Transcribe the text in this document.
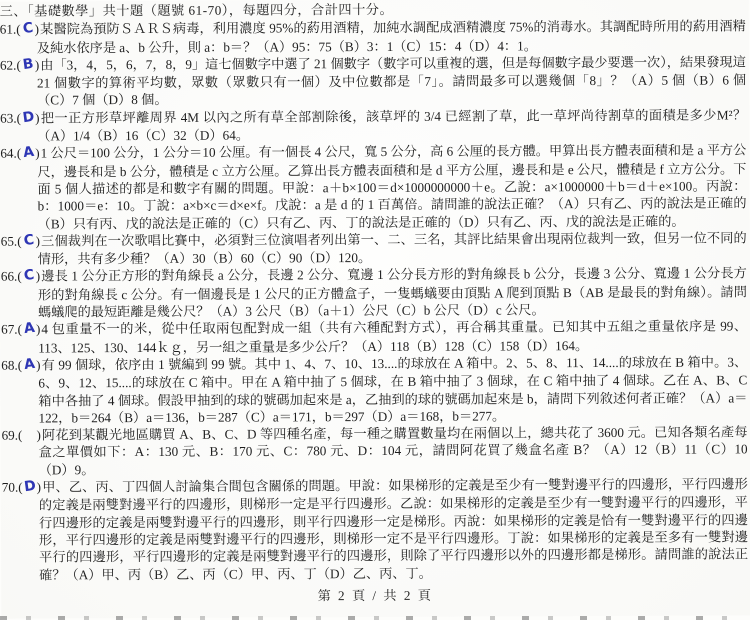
三、「基礎數學」共十題（題號 61-70），每題四分，合計四十分。
61.(C)某醫院為預防ＳＡＲＳ病毒，利用濃度 95%的葯用酒精，加純水調配成酒精濃度 75%的消毒水。其調配時所用的葯用酒精及純水依序是 a、b 公升，則 a：b＝？（A）95：75（B）3：1（C）15：4（D）4：1。
62.(B)由「3，4，5，6，7，8，9」這七個數字中選了 21 個數字（數字可以重複的選，但是每個數字最少要選一次），結果發現這 21 個數字的算術平均數，眾數（眾數只有一個）及中位數都是「7」。請問最多可以選幾個「8」？（A）5 個（B）6 個（C）7 個（D）8 個。
63.(D)把一正方形草坪離周界 4M 以內之所有草全部割除後，該草坪的 3/4 已經割了草，此一草坪尚待割草的面積是多少M²？（A）1/4（B）16（C）32（D）64。
64.(A)1 公尺＝100 公分，1 公分＝10 公厘。有一個長 4 公尺，寬 5 公分，高 6 公厘的長方體。甲算出長方體表面積和是 a 平方公尺，邊長和是 b 公分，體積是 c 立方公厘。乙算出長方體表面積和是 d 平方公厘，邊長和是 e 公尺，體積是 f 立方公分。下面 5 個人描述的都是和數字有關的問題。甲說：a＋b×100＝d×1000000000＋e。乙說：a×1000000＋b＝d＋e×100。丙說：b：1000＝e：10。丁說：a×b×c＝d×e×f。戊說：a 是 d 的 1 百萬倍。請問誰的說法正確？（A）只有乙、丙的說法是正確的（B）只有丙、戊的說法是正確的（C）只有乙、丙、丁的說法是正確的（D）只有乙、丙、戊的說法是正確的。
65.(C)三個裁判在一次歌唱比賽中，必須對三位演唱者列出第一、二、三名，其評比結果會出現兩位裁判一致，但另一位不同的情形，共有多少種？（A）30（B）60（C）90（D）120。
66.(C)邊長 1 公分正方形的對角線長 a 公分，長邊 2 公分、寬邊 1 公分長方形的對角線長 b 公分，長邊 3 公分、寬邊 1 公分長方形的對角線長 c 公分。有一個邊長是 1 公尺的正方體盒子，一隻螞蟻要由頂點 A 爬到頂點 B（AB 是最長的對角線）。請問螞蟻爬的最短距離是幾公尺？（A）3 公尺（B）（a＋1）公尺（C）b 公尺（D）c 公尺。
67.(A)4 包重量不一的米，從中任取兩包配對成一組（共有六種配對方式），再合稱其重量。已知其中五組之重量依序是 99、113、125、130、144ｋｇ，另一組之重量是多少公斤？（A）118（B）128（C）158（D）164。
68.(A)有 99 個球，依序由 1 號編到 99 號。其中 1、4、7、10、13....的球放在 A 箱中。2、5、8、11、14....的球放在 B 箱中。3、6、9、12、15....的球放在 C 箱中。甲在 A 箱中抽了 5 個球，在 B 箱中抽了 3 個球，在 C 箱中抽了 4 個球。乙在 A、B、C 箱中各抽了 4 個球。假設甲抽到的球的號碼加起來是 a，乙抽到的球的號碼加起來是 b，請問下列敘述何者正確？（A）a＝122，b＝264（B）a＝136，b＝287（C）a＝171，b＝297（D）a＝168，b＝277。
69.( )阿花到某觀光地區購買 A、B、C、D 等四種名產，每一種之購置數量均在兩個以上，總共花了 3600 元。已知各類名產每盒之單價如下：A：130 元、B：170 元、C：780 元、D：104 元，請問阿花買了幾盒名產 B？（A）12（B）11（C）10（D）9。
70.(D)甲、乙、丙、丁四個人討論集合間包含關係的問題。甲說：如果梯形的定義是至少有一雙對邊平行的四邊形，平行四邊形的定義是兩雙對邊平行的四邊形，則梯形一定是平行四邊形。乙說：如果梯形的定義是至少有一雙對邊平行的四邊形，平行四邊形的定義是兩雙對邊平行的四邊形，則平行四邊形一定是梯形。丙說：如果梯形的定義是恰有一雙對邊平行的四邊形，平行四邊形的定義是兩雙對邊平行的四邊形，則梯形一定不是平行四邊形。丁說：如果梯形的定義是至多有一雙對邊平行的四邊形，平行四邊形的定義是兩雙對邊平行的四邊形，則除了平行四邊形以外的四邊形都是梯形。請問誰的說法正確？（A）甲、丙（B）乙、丙（C）甲、丙、丁（D）乙、丙、丁。
第 2 頁 / 共 2 頁
